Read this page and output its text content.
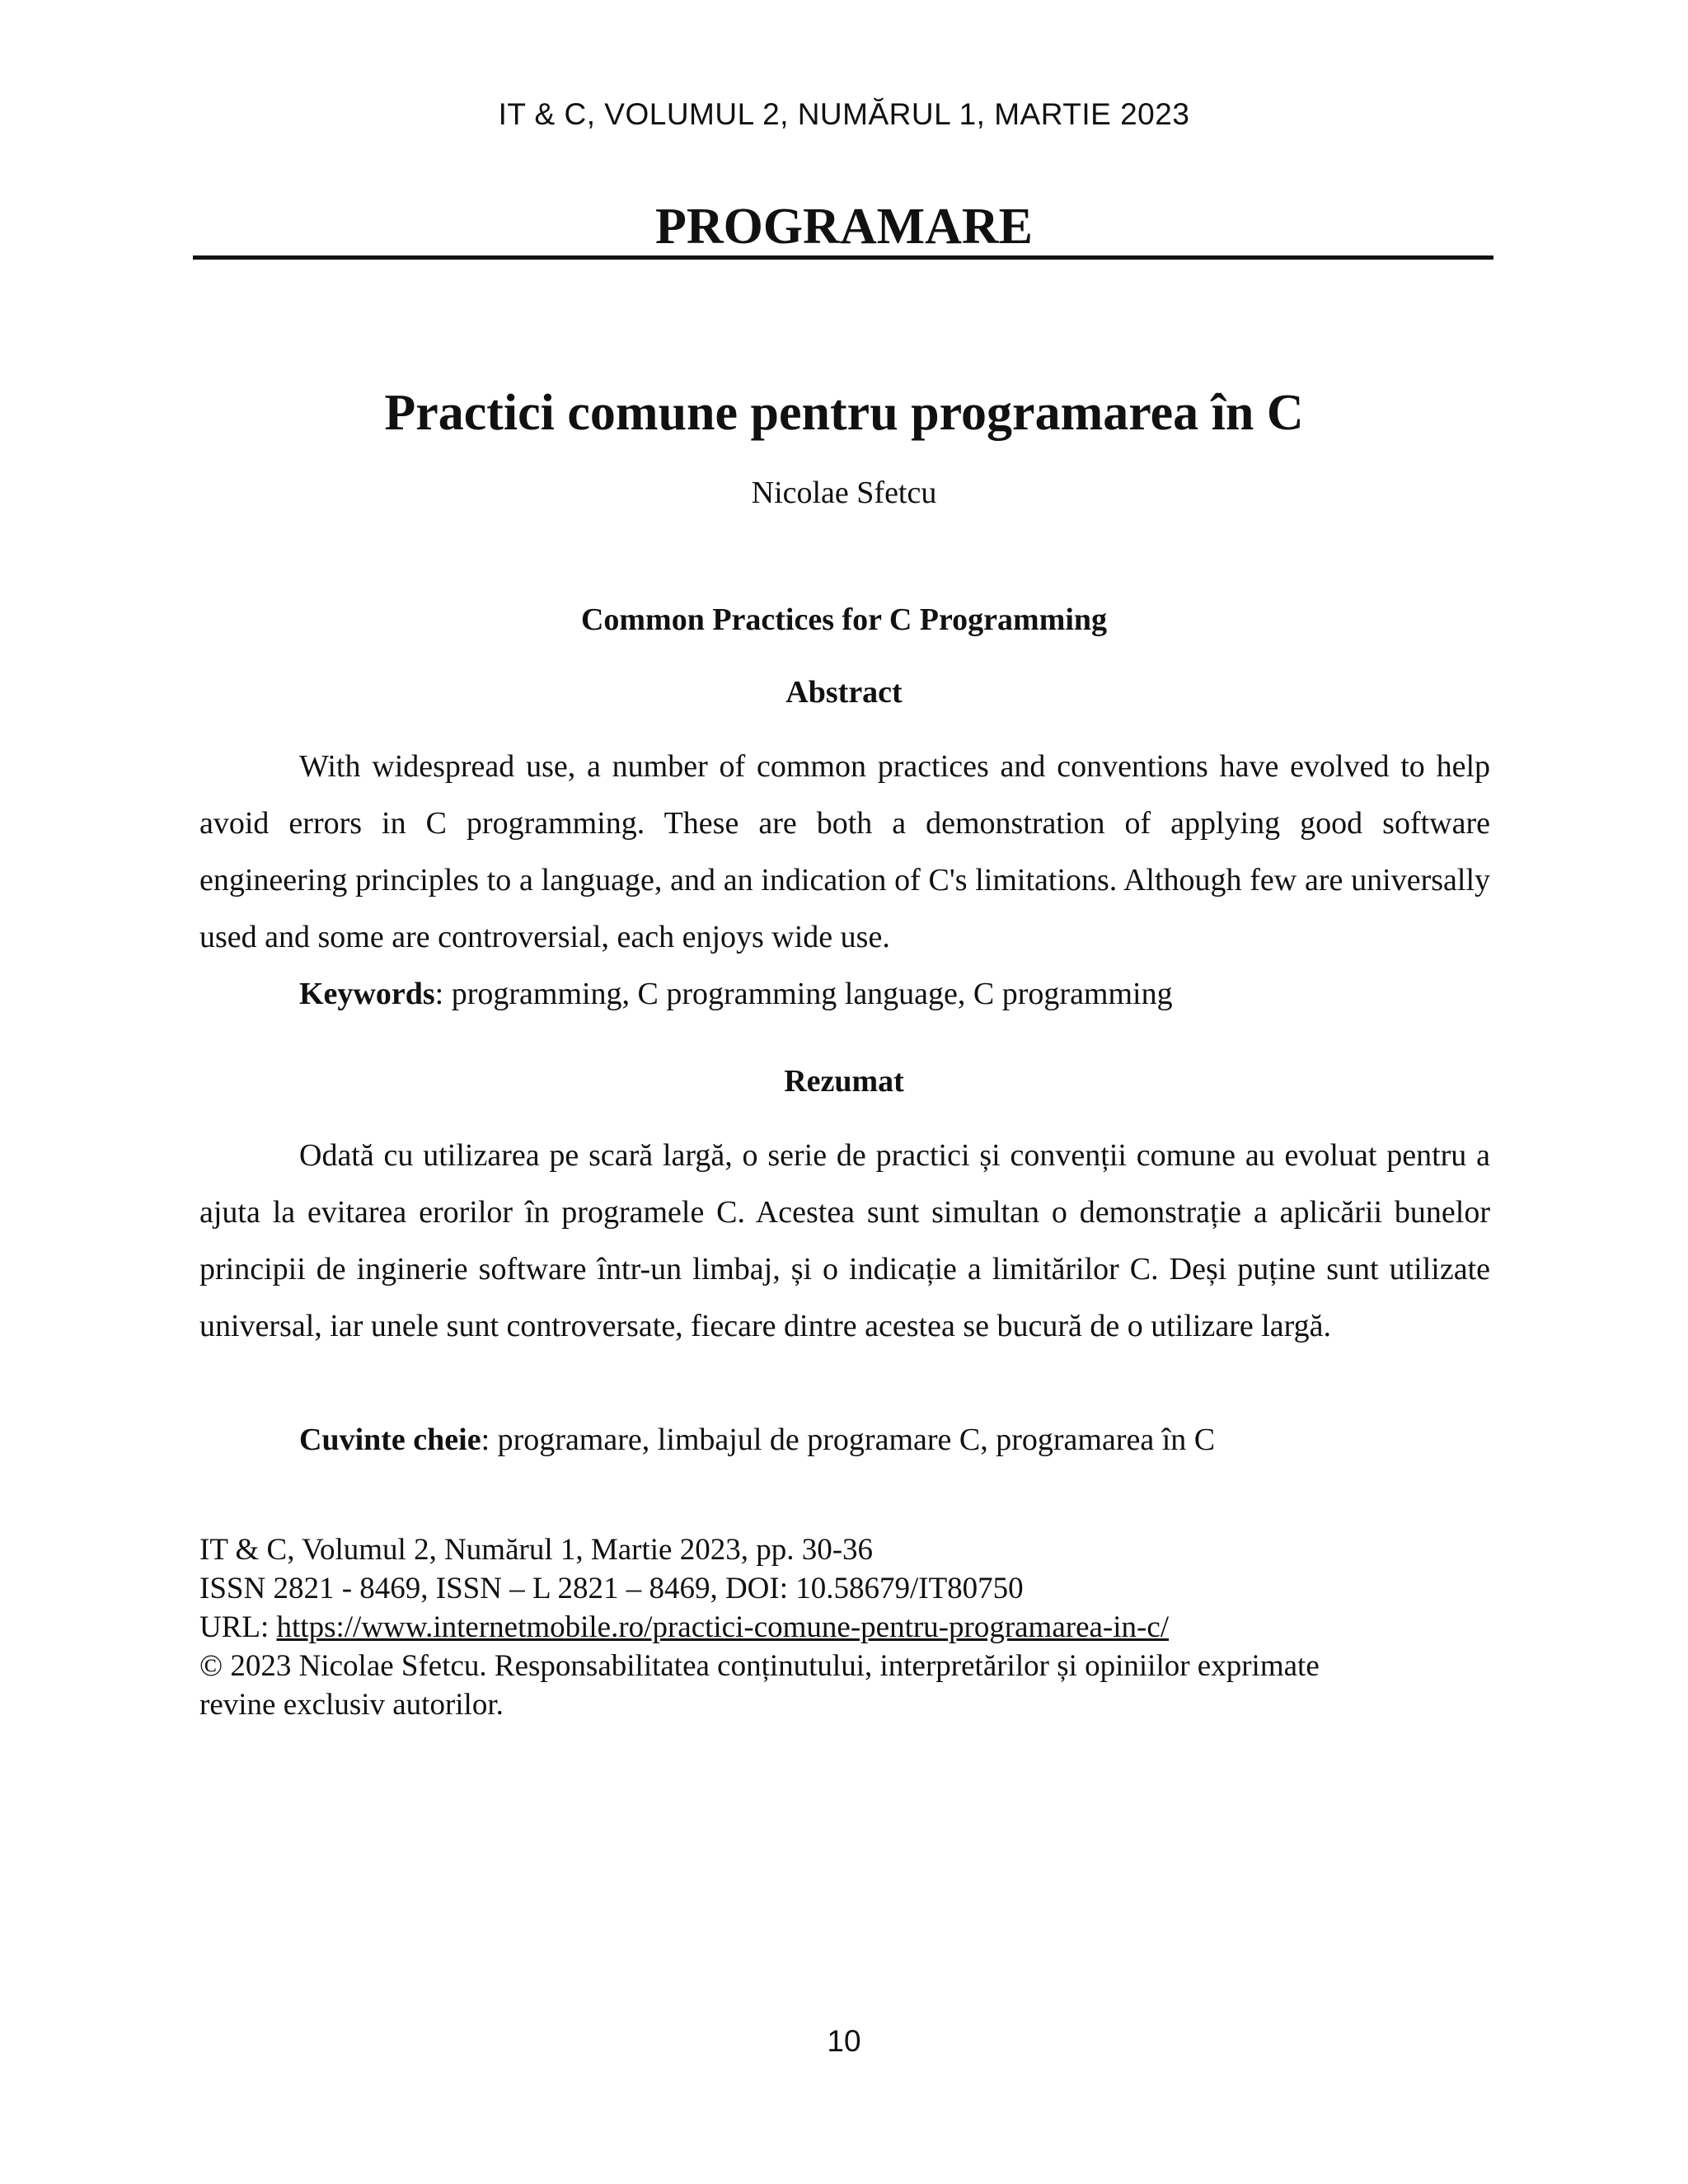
IT & C, VOLUMUL 2, NUMĂRUL 1, MARTIE 2023
PROGRAMARE
Practici comune pentru programarea în C
Nicolae Sfetcu
Common Practices for C Programming
Abstract

With widespread use, a number of common practices and conventions have evolved to help avoid errors in C programming. These are both a demonstration of applying good software engineering principles to a language, and an indication of C's limitations. Although few are universally used and some are controversial, each enjoys wide use.

Keywords: programming, C programming language, C programming

Rezumat

Odată cu utilizarea pe scară largă, o serie de practici și convenții comune au evoluat pentru a ajuta la evitarea erorilor în programele C. Acestea sunt simultan o demonstrație a aplicării bunelor principii de inginerie software într-un limbaj, și o indicație a limitărilor C. Deși puține sunt utilizate universal, iar unele sunt controversate, fiecare dintre acestea se bucură de o utilizare largă.

Cuvinte cheie: programare, limbajul de programare C, programarea în C

IT & C, Volumul 2, Numărul 1, Martie 2023, pp. 30-36
ISSN 2821 - 8469, ISSN – L 2821 – 8469, DOI: 10.58679/IT80750
URL: https://www.internetmobile.ro/practici-comune-pentru-programarea-in-c/
© 2023 Nicolae Sfetcu. Responsabilitatea conținutului, interpretărilor și opiniilor exprimate
revine exclusiv autorilor.
10
